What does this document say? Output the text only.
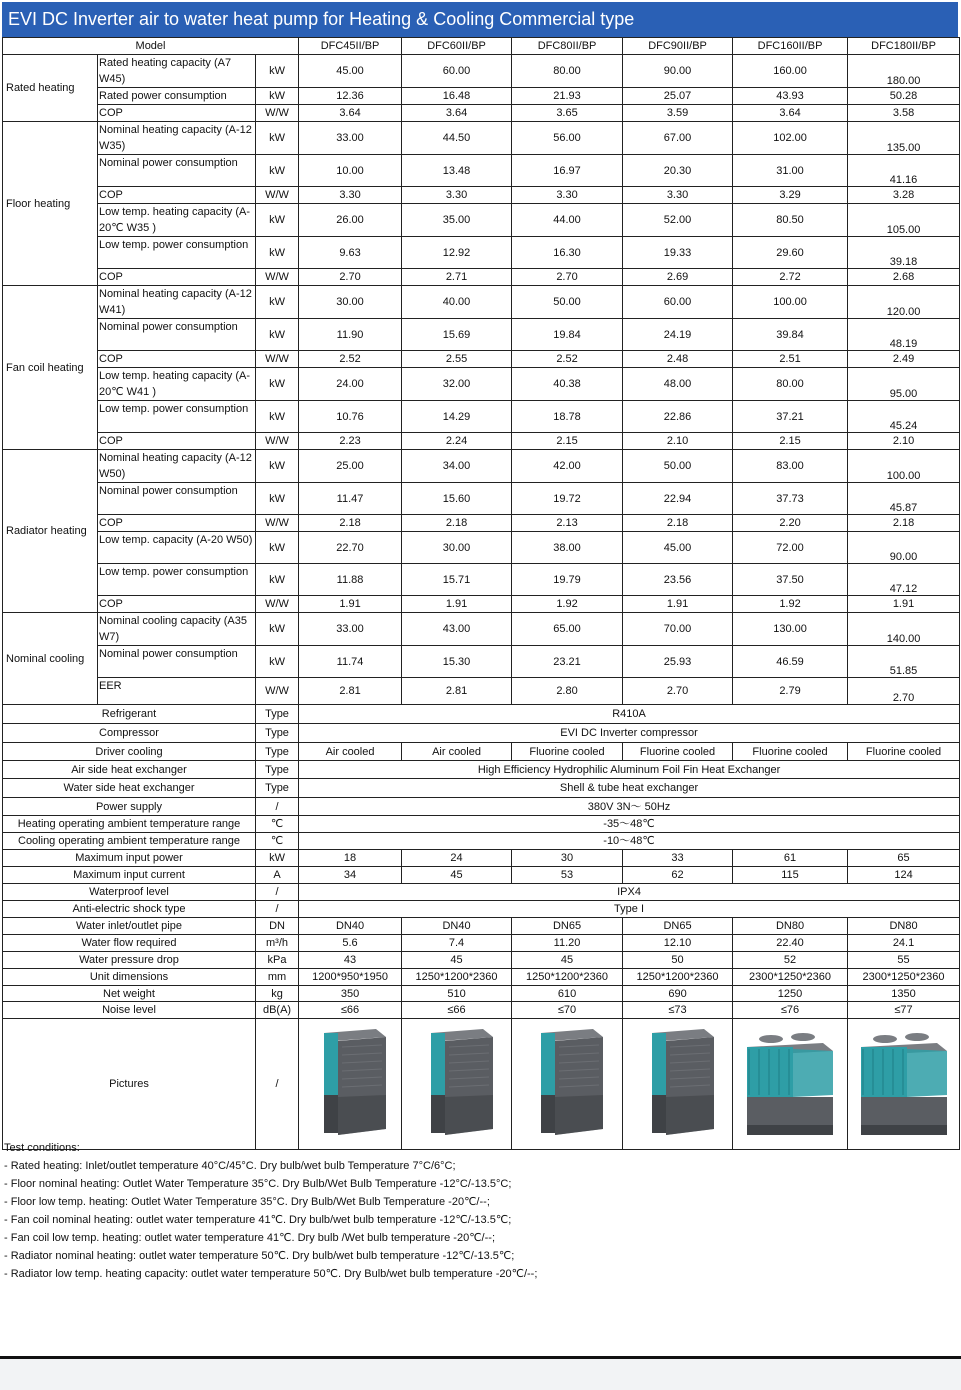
EVI DC Inverter air to water heat pump for Heating & Cooling Commercial type
Model			DFC45II/BP	DFC60II/BP	DFC80II/BP	DFC90II/BP	DFC160II/BP	DFC180II/BP
Rated heating	Rated heating capacity (A7 W45)	kW	45.00	60.00	80.00	90.00	160.00	180.00
	Rated power consumption	kW	12.36	16.48	21.93	25.07	43.93	50.28
	COP	W/W	3.64	3.64	3.65	3.59	3.64	3.58
Floor heating	Nominal heating capacity (A-12 W35)	kW	33.00	44.50	56.00	67.00	102.00	135.00
	Nominal power consumption	kW	10.00	13.48	16.97	20.30	31.00	41.16
	COP	W/W	3.30	3.30	3.30	3.30	3.29	3.28
	Low temp. heating capacity (A-20℃ W35 )	kW	26.00	35.00	44.00	52.00	80.50	105.00
	Low temp. power consumption	kW	9.63	12.92	16.30	19.33	29.60	39.18
	COP	W/W	2.70	2.71	2.70	2.69	2.72	2.68
Fan coil heating	Nominal heating capacity (A-12 W41)	kW	30.00	40.00	50.00	60.00	100.00	120.00
	Nominal power consumption	kW	11.90	15.69	19.84	24.19	39.84	48.19
	COP	W/W	2.52	2.55	2.52	2.48	2.51	2.49
	Low temp. heating capacity (A-20℃ W41 )	kW	24.00	32.00	40.38	48.00	80.00	95.00
	Low temp. power consumption	kW	10.76	14.29	18.78	22.86	37.21	45.24
	COP	W/W	2.23	2.24	2.15	2.10	2.15	2.10
Radiator heating	Nominal heating capacity (A-12 W50)	kW	25.00	34.00	42.00	50.00	83.00	100.00
	Nominal power consumption	kW	11.47	15.60	19.72	22.94	37.73	45.87
	COP	W/W	2.18	2.18	2.13	2.18	2.20	2.18
	Low temp. capacity (A-20 W50)	kW	22.70	30.00	38.00	45.00	72.00	90.00
	Low temp. power consumption	kW	11.88	15.71	19.79	23.56	37.50	47.12
	COP	W/W	1.91	1.91	1.92	1.91	1.92	1.91
Nominal cooling	Nominal cooling capacity (A35 W7)	kW	33.00	43.00	65.00	70.00	130.00	140.00
	Nominal power consumption	kW	11.74	15.30	23.21	25.93	46.59	51.85
	EER	W/W	2.81	2.81	2.80	2.70	2.79	2.70
Refrigerant		Type	R410A					
Compressor		Type	EVI DC Inverter compressor					
Driver cooling		Type	Air cooled	Air cooled	Fluorine cooled	Fluorine cooled	Fluorine cooled	Fluorine cooled
Air side heat exchanger		Type	High Efficiency Hydrophilic Aluminum Foil Fin Heat Exchanger					
Water side heat exchanger		Type	Shell & tube heat exchanger					
Power supply		/	380V 3N～ 50Hz					
Heating operating ambient temperature range		℃	-35～48℃					
Cooling operating ambient temperature range		℃	-10～48℃					
Maximum input power		kW	18	24	30	33	61	65
Maximum input current		A	34	45	53	62	115	124
Waterproof level		/	IPX4					
Anti-electric shock type		/	Type I					
Water inlet/outlet pipe		DN	DN40	DN40	DN65	DN65	DN80	DN80
Water flow required		m³/h	5.6	7.4	11.20	12.10	22.40	24.1
Water pressure drop		kPa	43	45	45	50	52	55
Unit dimensions		mm	1200*950*1950	1250*1200*2360	1250*1200*2360	1250*1200*2360	2300*1250*2360	2300*1250*2360
Net weight		kg	350	510	610	690	1250	1350
Noise level		dB(A)	≤66	≤66	≤70	≤73	≤76	≤77
Pictures		/	

Test conditions:
- Rated heating: Inlet/outlet temperature 40°C/45°C. Dry bulb/wet bulb Temperature 7°C/6°C;
- Floor nominal heating: Outlet Water Temperature 35°C. Dry Bulb/Wet Bulb Temperature -12°C/-13.5°C;
- Floor low temp. heating: Outlet Water Temperature 35°C. Dry Bulb/Wet Bulb Temperature -20℃/--;
- Fan coil nominal heating: outlet water temperature 41℃. Dry bulb/wet bulb temperature -12℃/-13.5℃;
- Fan coil low temp. heating: outlet water temperature 41℃. Dry bulb /Wet bulb temperature -20℃/--;
- Radiator nominal heating: outlet water temperature 50℃. Dry bulb/wet bulb temperature -12℃/-13.5℃;
- Radiator low temp. heating capacity: outlet water temperature 50℃. Dry Bulb/wet bulb temperature -20℃/--;
